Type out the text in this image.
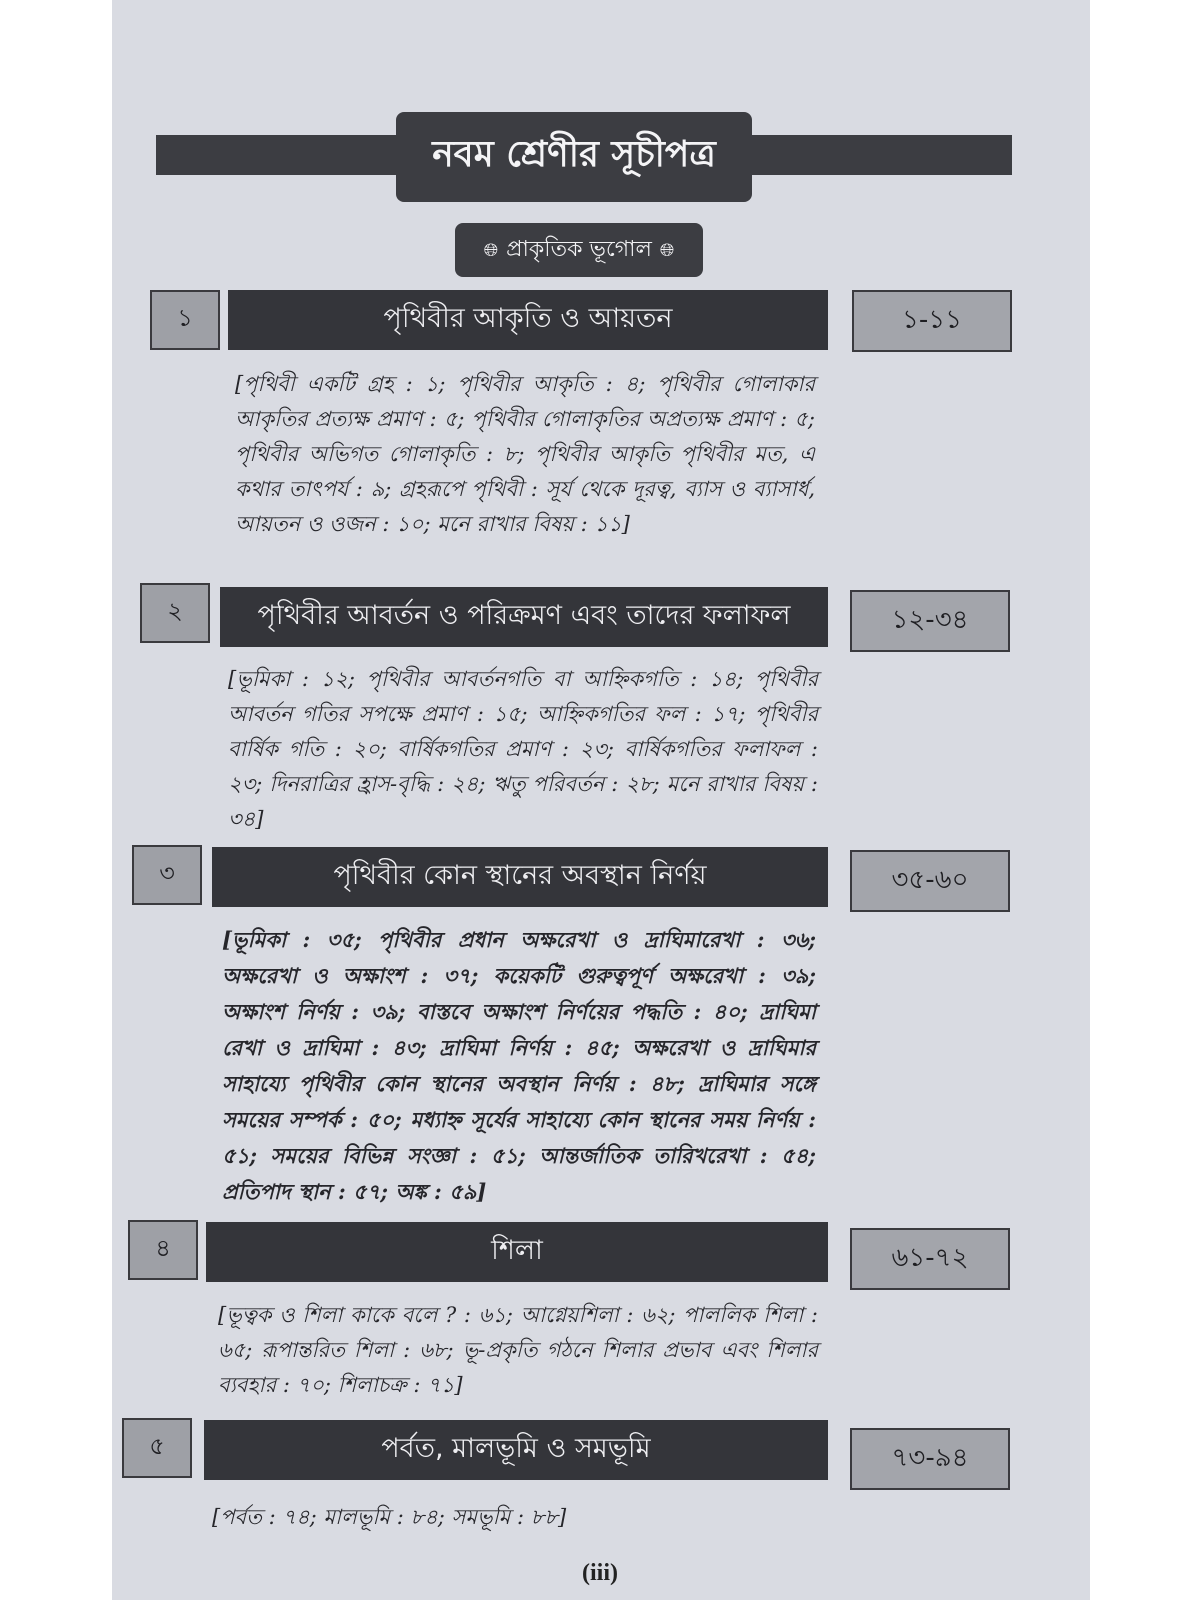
নবম শ্রেণীর সূচীপত্র
🌐︎ প্রাকৃতিক ভূগোল 🌐︎
১	পৃথিবীর আকৃতি ও আয়তন	১-১১
[পৃথিবী একটি গ্রহ : ১; পৃথিবীর আকৃতি : ৪; পৃথিবীর গোলাকার আকৃতির প্রত্যক্ষ প্রমাণ : ৫; পৃথিবীর গোলাকৃতির অপ্রত্যক্ষ প্রমাণ : ৫; পৃথিবীর অভিগত গোলাকৃতি : ৮; পৃথিবীর আকৃতি পৃথিবীর মত, এ কথার তাৎপর্য : ৯; গ্রহরূপে পৃথিবী : সূর্য থেকে দূরত্ব, ব্যাস ও ব্যাসার্ধ, আয়তন ও ওজন : ১০; মনে রাখার বিষয় : ১১]
২	পৃথিবীর আবর্তন ও পরিক্রমণ এবং তাদের ফলাফল	১২-৩৪
[ভূমিকা : ১২; পৃথিবীর আবর্তনগতি বা আহ্নিকগতি : ১৪; পৃথিবীর আবর্তন গতির সপক্ষে প্রমাণ : ১৫; আহ্নিকগতির ফল : ১৭; পৃথিবীর বার্ষিক গতি : ২০; বার্ষিকগতির প্রমাণ : ২৩; বার্ষিকগতির ফলাফল : ২৩; দিনরাত্রির হ্রাস-বৃদ্ধি : ২৪; ঋতু পরিবর্তন : ২৮; মনে রাখার বিষয় : ৩৪]
৩	পৃথিবীর কোন স্থানের অবস্থান নির্ণয়	৩৫-৬০
[ভূমিকা : ৩৫; পৃথিবীর প্রধান অক্ষরেখা ও দ্রাঘিমারেখা : ৩৬; অক্ষরেখা ও অক্ষাংশ : ৩৭; কয়েকটি গুরুত্বপূর্ণ অক্ষরেখা : ৩৯; অক্ষাংশ নির্ণয় : ৩৯; বাস্তবে অক্ষাংশ নির্ণয়ের পদ্ধতি : ৪০; দ্রাঘিমা রেখা ও দ্রাঘিমা : ৪৩; দ্রাঘিমা নির্ণয় : ৪৫; অক্ষরেখা ও দ্রাঘিমার সাহায্যে পৃথিবীর কোন স্থানের অবস্থান নির্ণয় : ৪৮; দ্রাঘিমার সঙ্গে সময়ের সম্পর্ক : ৫০; মধ্যাহ্ন সূর্যের সাহায্যে কোন স্থানের সময় নির্ণয় : ৫১; সময়ের বিভিন্ন সংজ্ঞা : ৫১; আন্তর্জাতিক তারিখরেখা : ৫৪; প্রতিপাদ স্থান : ৫৭; অঙ্ক : ৫৯]
৪	শিলা	৬১-৭২
[ভূত্বক ও শিলা কাকে বলে ? : ৬১; আগ্নেয়শিলা : ৬২; পাললিক শিলা : ৬৫; রূপান্তরিত শিলা : ৬৮; ভূ-প্রকৃতি গঠনে শিলার প্রভাব এবং শিলার ব্যবহার : ৭০; শিলাচক্র : ৭১]
৫	পর্বত, মালভূমি ও সমভূমি	৭৩-৯৪
[পর্বত : ৭৪; মালভূমি : ৮৪; সমভূমি : ৮৮]
(iii)
